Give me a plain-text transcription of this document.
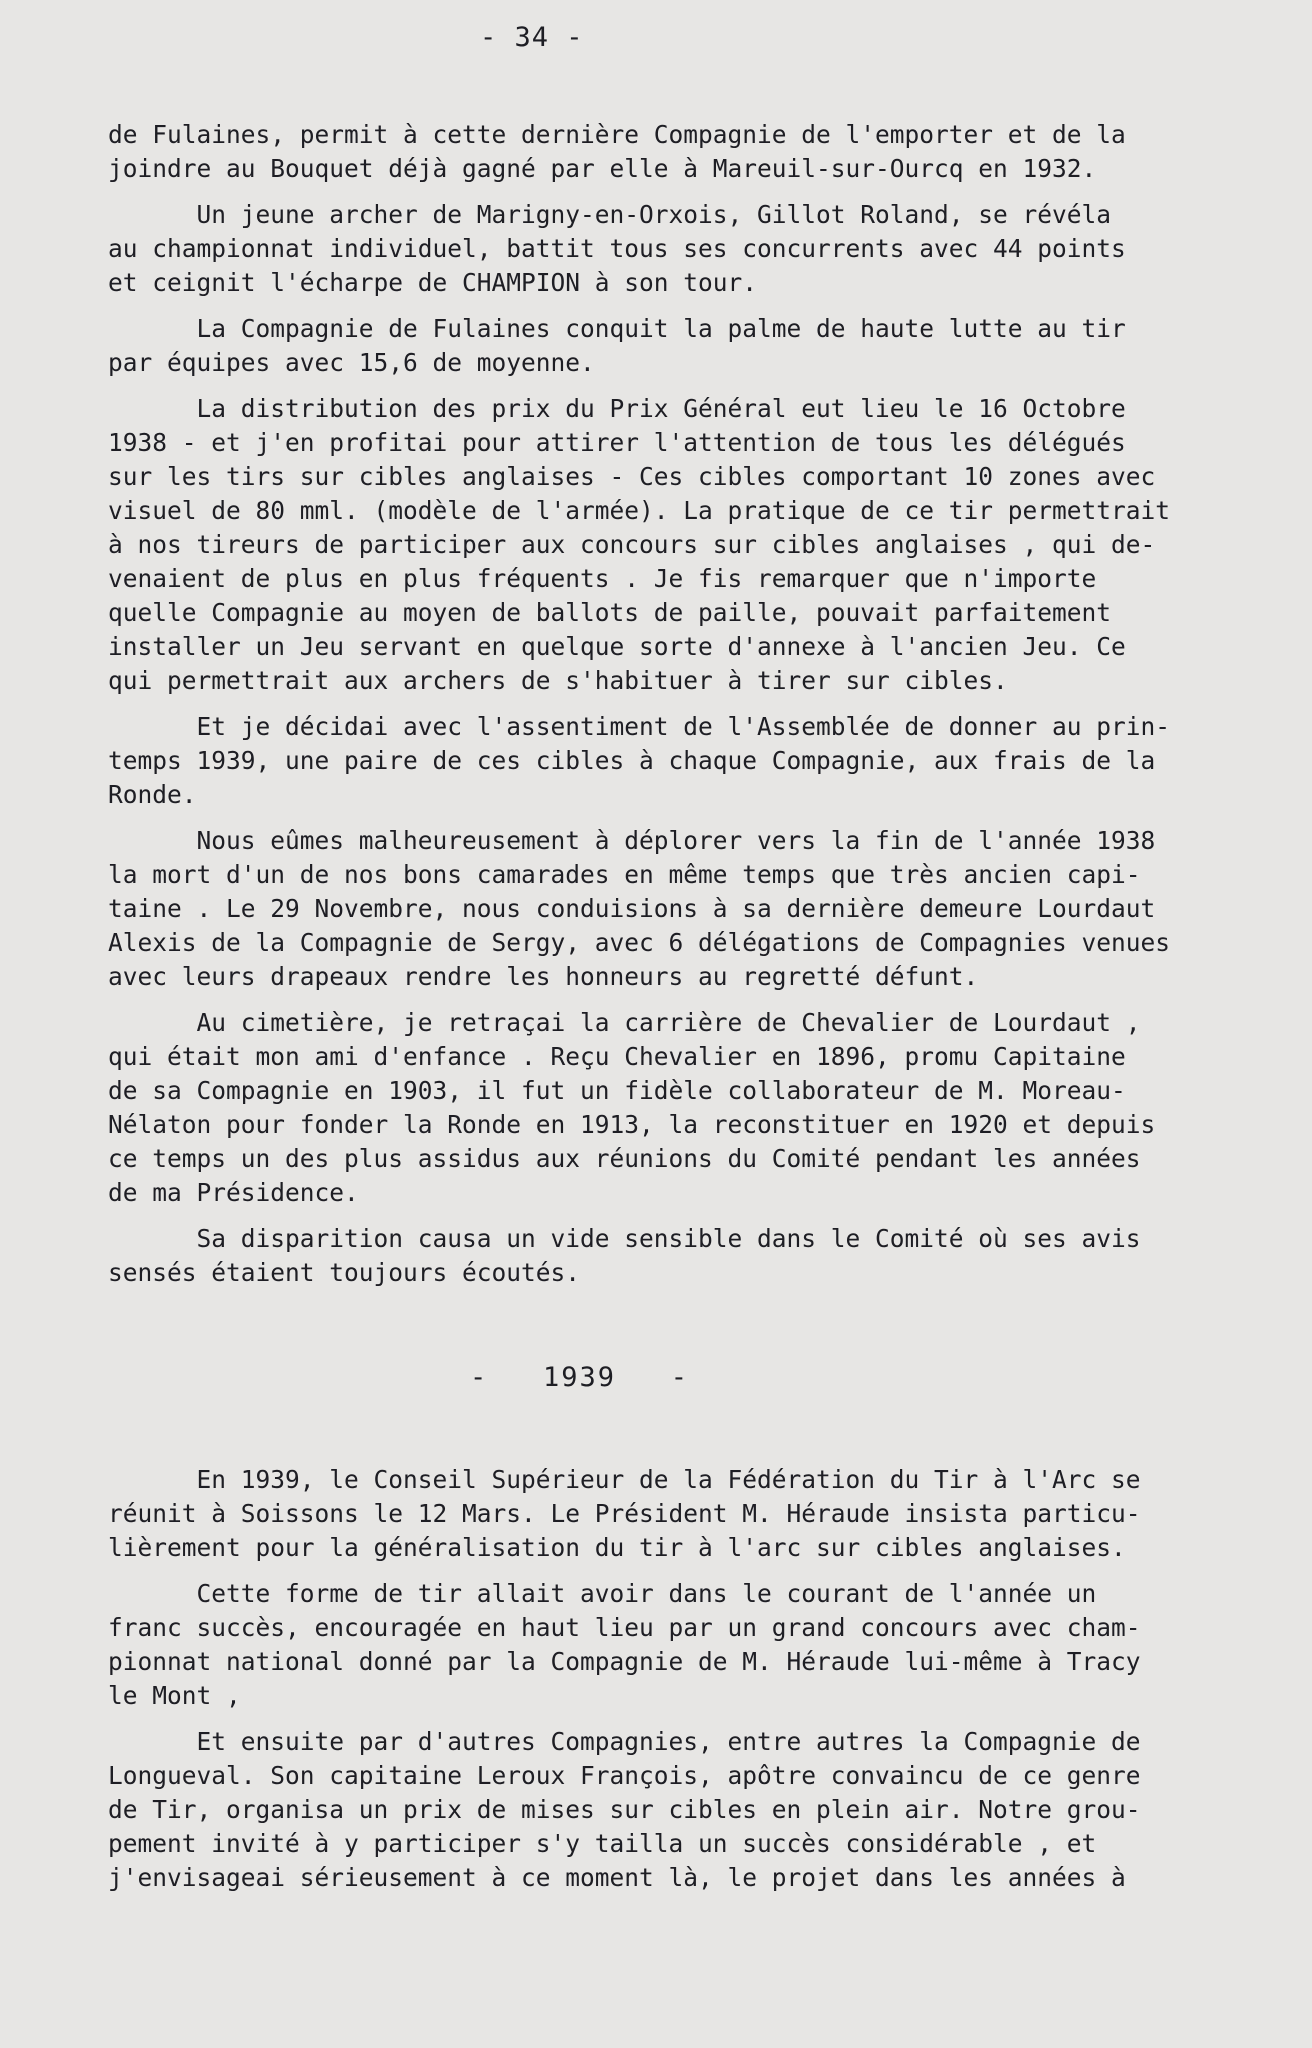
- 34 -
de Fulaines, permit à cette dernière Compagnie de l'emporter et de la
joindre au Bouquet déjà gagné par elle à Mareuil-sur-Ourcq en 1932.
Un jeune archer de Marigny-en-Orxois, Gillot Roland, se révéla
au championnat individuel, battit tous ses concurrents avec 44 points
et ceignit l'écharpe de CHAMPION à son tour.
La Compagnie de Fulaines conquit la palme de haute lutte au tir
par équipes avec 15,6 de moyenne.
La distribution des prix du Prix Général eut lieu le 16 Octobre
1938 - et j'en profitai pour attirer l'attention de tous les délégués
sur les tirs sur cibles anglaises - Ces cibles comportant 10 zones avec
visuel de 80 mml. (modèle de l'armée). La pratique de ce tir permettrait
à nos tireurs de participer aux concours sur cibles anglaises , qui de-
venaient de plus en plus fréquents . Je fis remarquer que n'importe
quelle Compagnie au moyen de ballots de paille, pouvait parfaitement
installer un Jeu servant en quelque sorte d'annexe à l'ancien Jeu. Ce
qui permettrait aux archers de s'habituer à tirer sur cibles.
Et je décidai avec l'assentiment de l'Assemblée de donner au prin-
temps 1939, une paire de ces cibles à chaque Compagnie, aux frais de la
Ronde.
Nous eûmes malheureusement à déplorer vers la fin de l'année 1938
la mort d'un de nos bons camarades en même temps que très ancien capi-
taine . Le 29 Novembre, nous conduisions à sa dernière demeure Lourdaut
Alexis de la Compagnie de Sergy, avec 6 délégations de Compagnies venues
avec leurs drapeaux rendre les honneurs au regretté défunt.
Au cimetière, je retraçai la carrière de Chevalier de Lourdaut ,
qui était mon ami d'enfance . Reçu Chevalier en 1896, promu Capitaine
de sa Compagnie en 1903, il fut un fidèle collaborateur de M. Moreau-
Nélaton pour fonder la Ronde en 1913, la reconstituer en 1920 et depuis
ce temps un des plus assidus aux réunions du Comité pendant les années
de ma Présidence.
Sa disparition causa un vide sensible dans le Comité où ses avis
sensés étaient toujours écoutés.
-   1939   -
En 1939, le Conseil Supérieur de la Fédération du Tir à l'Arc se
réunit à Soissons le 12 Mars. Le Président M. Héraude insista particu-
lièrement pour la généralisation du tir à l'arc sur cibles anglaises.
Cette forme de tir allait avoir dans le courant de l'année un
franc succès, encouragée en haut lieu par un grand concours avec cham-
pionnat national donné par la Compagnie de M. Héraude lui-même à Tracy
le Mont ,
Et ensuite par d'autres Compagnies, entre autres la Compagnie de
Longueval. Son capitaine Leroux François, apôtre convaincu de ce genre
de Tir, organisa un prix de mises sur cibles en plein air. Notre grou-
pement invité à y participer s'y tailla un succès considérable , et
j'envisageai sérieusement à ce moment là, le projet dans les années à
